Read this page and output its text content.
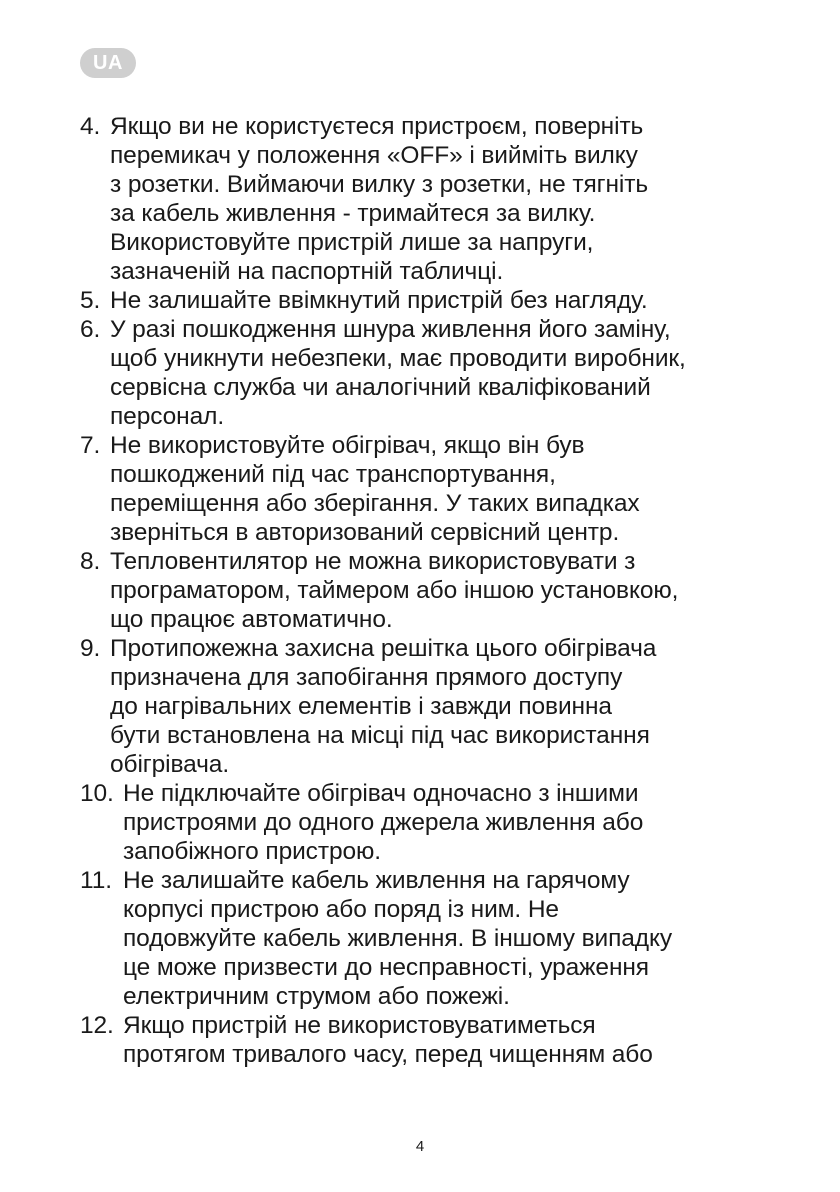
UA
4. Якщо ви не користуєтеся пристроєм, поверніть
перемикач у положення «OFF» і вийміть вилку
з розетки. Виймаючи вилку з розетки, не тягніть
за кабель живлення - тримайтеся за вилку.
Використовуйте пристрій лише за напруги,
зазначеній на паспортній табличці.
5. Не залишайте ввімкнутий пристрій без нагляду.
6. У разі пошкодження шнура живлення його заміну,
щоб уникнути небезпеки, має проводити виробник,
сервісна служба чи аналогічний кваліфікований
персонал.
7. Не використовуйте обігрівач, якщо він був
пошкоджений під час транспортування,
переміщення або зберігання. У таких випадках
зверніться в авторизований сервісний центр.
8. Тепловентилятор не можна використовувати з
програматором, таймером або іншою установкою,
що працює автоматично.
9. Протипожежна захисна решітка цього обігрівача
призначена для запобігання прямого доступу
до нагрівальних елементів і завжди повинна
бути встановлена на місці під час використання
обігрівача.
10. Не підключайте обігрівач одночасно з іншими
пристроями до одного джерела живлення або
запобіжного пристрою.
11. Не залишайте кабель живлення на гарячому
корпусі пристрою або поряд із ним. Не
подовжуйте кабель живлення. В іншому випадку
це може призвести до несправності, ураження
електричним струмом або пожежі.
12. Якщо пристрій не використовуватиметься
протягом тривалого часу, перед чищенням або
4
